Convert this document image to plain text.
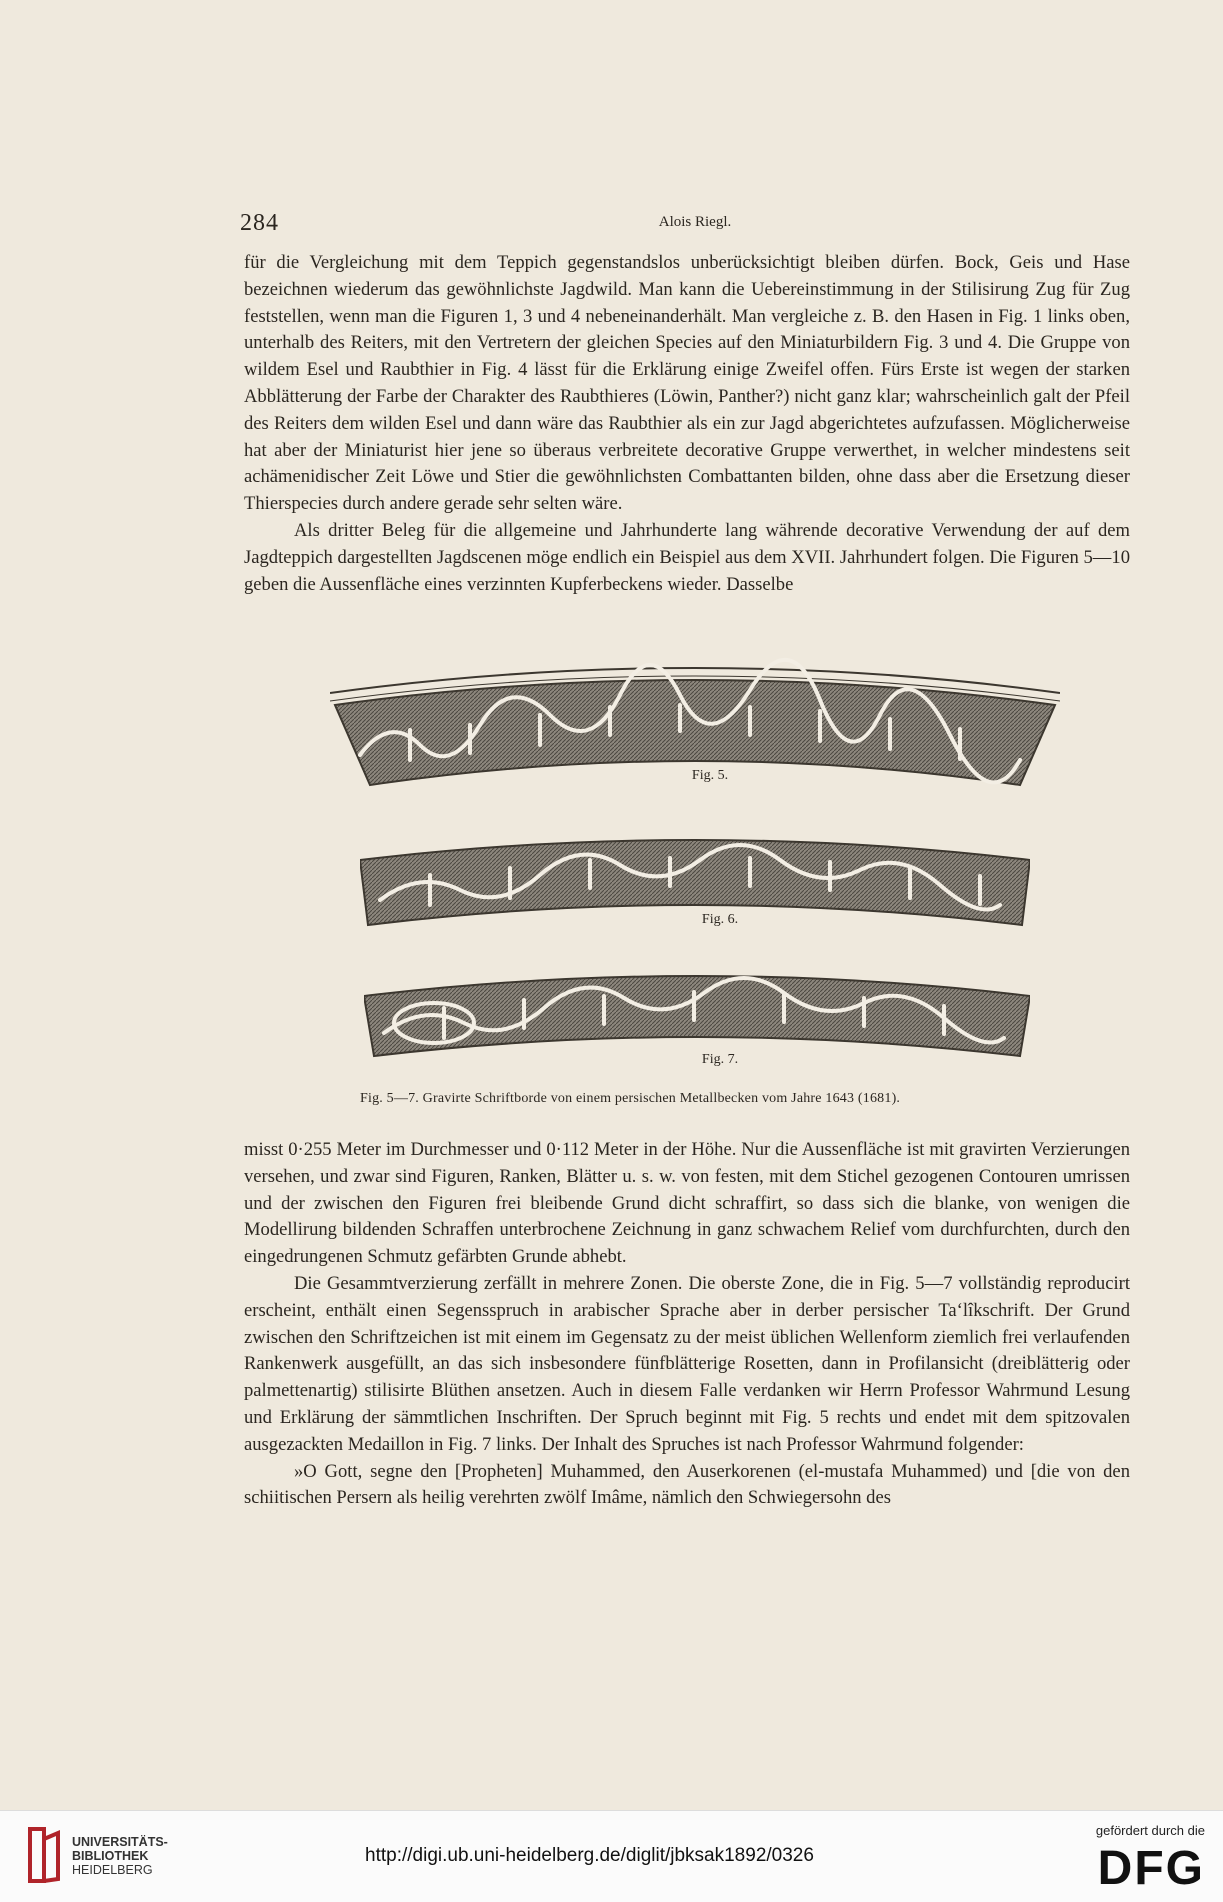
284	Alois Riegl.

für die Vergleichung mit dem Teppich gegenstandslos unberücksichtigt bleiben dürfen. Bock, Geis und Hase bezeichnen wiederum das gewöhnlichste Jagdwild. Man kann die Uebereinstimmung in der Stilisirung Zug für Zug feststellen, wenn man die Figuren 1, 3 und 4 nebeneinanderhält. Man vergleiche z. B. den Hasen in Fig. 1 links oben, unterhalb des Reiters, mit den Vertretern der gleichen Species auf den Miniaturbildern Fig. 3 und 4. Die Gruppe von wildem Esel und Raubthier in Fig. 4 lässt für die Erklärung einige Zweifel offen. Fürs Erste ist wegen der starken Abblätterung der Farbe der Charakter des Raubthieres (Löwin, Panther?) nicht ganz klar; wahrscheinlich galt der Pfeil des Reiters dem wilden Esel und dann wäre das Raubthier als ein zur Jagd abgerichtetes aufzufassen. Möglicherweise hat aber der Miniaturist hier jene so überaus verbreitete decorative Gruppe verwerthet, in welcher mindestens seit achämenidischer Zeit Löwe und Stier die gewöhnlichsten Combattanten bilden, ohne dass aber die Ersetzung dieser Thierspecies durch andere gerade sehr selten wäre.

Als dritter Beleg für die allgemeine und Jahrhunderte lang währende decorative Verwendung der auf dem Jagdteppich dargestellten Jagdscenen möge endlich ein Beispiel aus dem XVII. Jahrhundert folgen. Die Figuren 5—10 geben die Aussenfläche eines verzinnten Kupferbeckens wieder. Dasselbe

Fig. 5.
Fig. 6.
Fig. 7.
Fig. 5—7. Gravirte Schriftborde von einem persischen Metallbecken vom Jahre 1643 (1681).

misst 0·255 Meter im Durchmesser und 0·112 Meter in der Höhe. Nur die Aussenfläche ist mit gravirten Verzierungen versehen, und zwar sind Figuren, Ranken, Blätter u. s. w. von festen, mit dem Stichel gezogenen Contouren umrissen und der zwischen den Figuren frei bleibende Grund dicht schraffirt, so dass sich die blanke, von wenigen die Modellirung bildenden Schraffen unterbrochene Zeichnung in ganz schwachem Relief vom durchfurchten, durch den eingedrungenen Schmutz gefärbten Grunde abhebt.

Die Gesammtverzierung zerfällt in mehrere Zonen. Die oberste Zone, die in Fig. 5—7 vollständig reproducirt erscheint, enthält einen Segensspruch in arabischer Sprache aber in derber persischer Ta‘lîkschrift. Der Grund zwischen den Schriftzeichen ist mit einem im Gegensatz zu der meist üblichen Wellenform ziemlich frei verlaufenden Rankenwerk ausgefüllt, an das sich insbesondere fünfblätterige Rosetten, dann in Profilansicht (dreiblätterig oder palmettenartig) stilisirte Blüthen ansetzen. Auch in diesem Falle verdanken wir Herrn Professor Wahrmund Lesung und Erklärung der sämmtlichen Inschriften. Der Spruch beginnt mit Fig. 5 rechts und endet mit dem spitzovalen ausgezackten Medaillon in Fig. 7 links. Der Inhalt des Spruches ist nach Professor Wahrmund folgender:

»O Gott, segne den [Propheten] Muhammed, den Auserkorenen (el-mustafa Muhammed) und [die von den schiitischen Persern als heilig verehrten zwölf Imâme, nämlich den Schwiegersohn des

UNIVERSITÄTS-
BIBLIOTHEK
HEIDELBERG
http://digi.ub.uni-heidelberg.de/diglit/jbksak1892/0326
gefördert durch die
DFG
